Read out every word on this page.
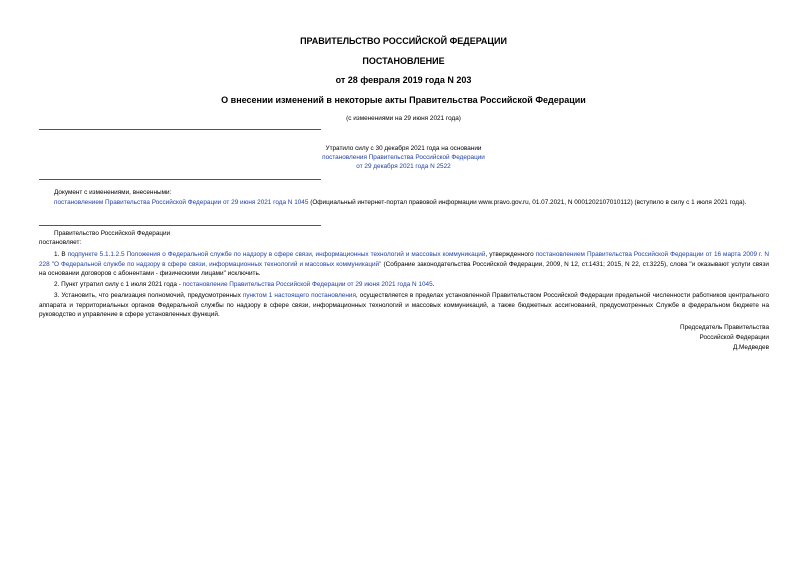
ПРАВИТЕЛЬСТВО РОССИЙСКОЙ ФЕДЕРАЦИИ
ПОСТАНОВЛЕНИЕ
от 28 февраля 2019 года N 203
О внесении изменений в некоторые акты Правительства Российской Федерации
(с изменениями на 29 июня 2021 года)
Утратило силу с 30 декабря 2021 года на основании
постановления Правительства Российской Федерации
от 29 декабря 2021 года N 2522
Документ с изменениями, внесенными:
постановлением Правительства Российской Федерации от 29 июня 2021 года N 1045 (Официальный интернет-портал правовой информации www.pravo.gov.ru, 01.07.2021, N 0001202107010112) (вступило в силу с 1 июля 2021 года).
Правительство Российской Федерации
постановляет:
1. В подпункте 5.1.1.2.5 Положения о Федеральной службе по надзору в сфере связи, информационных технологий и массовых коммуникаций, утвержденного постановлением Правительства Российской Федерации от 16 марта 2009 г. N 228 "О Федеральной службе по надзору в сфере связи, информационных технологий и массовых коммуникаций" (Собрание законодательства Российской Федерации, 2009, N 12, ст.1431; 2015, N 22, ст.3225), слова "и оказывают услуги связи на основании договоров с абонентами - физическими лицами" исключить.
2. Пункт утратил силу с 1 июля 2021 года - постановление Правительства Российской Федерации от 29 июня 2021 года N 1045.
3. Установить, что реализация полномочий, предусмотренных пунктом 1 настоящего постановления, осуществляется в пределах установленной Правительством Российской Федерации предельной численности работников центрального аппарата и территориальных органов Федеральной службы по надзору в сфере связи, информационных технологий и массовых коммуникаций, а также бюджетных ассигнований, предусмотренных Службе в федеральном бюджете на руководство и управление в сфере установленных функций.
Председатель Правительства
Российской Федерации
Д.Медведев
